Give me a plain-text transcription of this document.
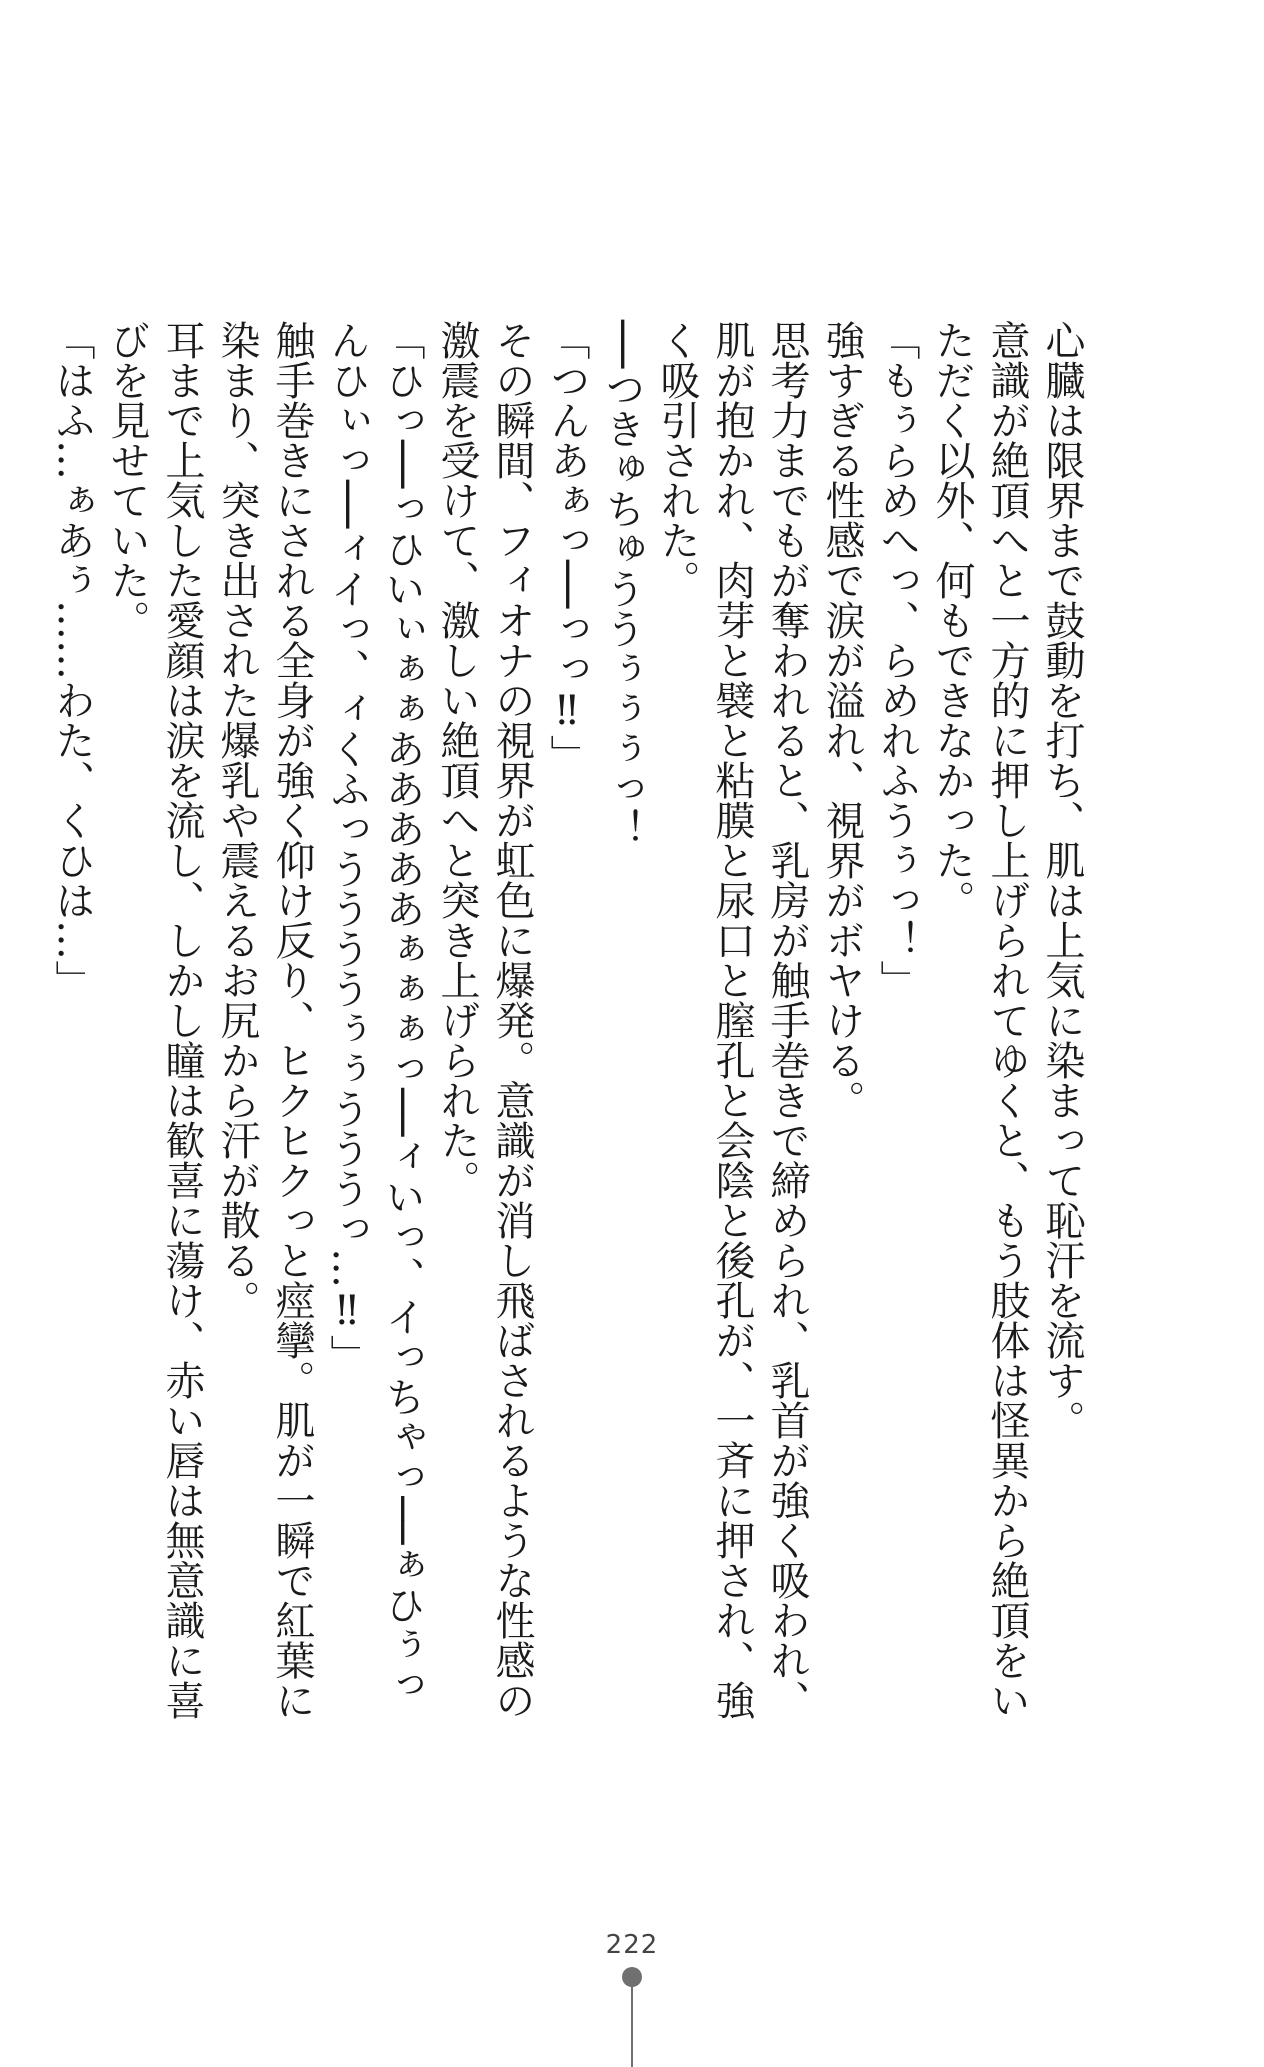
心臓は限界まで鼓動を打ち、肌は上気に染まって恥汗を流す。

意識が絶頂へと一方的に押し上げられてゆくと、もう肢体は怪異から絶頂をいただく以外、何もできなかった。

「もぅらめへっ、らめれふうぅっ！」

強すぎる性感で涙が溢れ、視界がボヤける。

思考力までもが奪われると、乳房が触手巻きで締められ、乳首が強く吸われ、肌が抱かれ、肉芽と襞と粘膜と尿口と膣孔と会陰と後孔が、一斉に押され、強く吸引された。

──つきゅちゅううぅぅぅっ！

「つんあぁっ──っっ‼」

その瞬間、フィオナの視界が虹色に爆発。意識が消し飛ばされるような性感の激震を受けて、激しい絶頂へと突き上げられた。

「ひっ──っひいぃぁぁあああああぁぁぁっ──ィいっ、イっちゃっ──ぁひぅっんひぃっ──ィイっ、ィくふっううううぅぅうううっ…‼」

触手巻きにされる全身が強く仰け反り、ヒクヒクっと痙攣。肌が一瞬で紅葉に染まり、突き出された爆乳や震えるお尻から汗が散る。

耳まで上気した愛顔は涙を流し、しかし瞳は歓喜に蕩け、赤い唇は無意識に喜びを見せていた。

「はふ…ぁあぅ……わた、くひは…」

222
